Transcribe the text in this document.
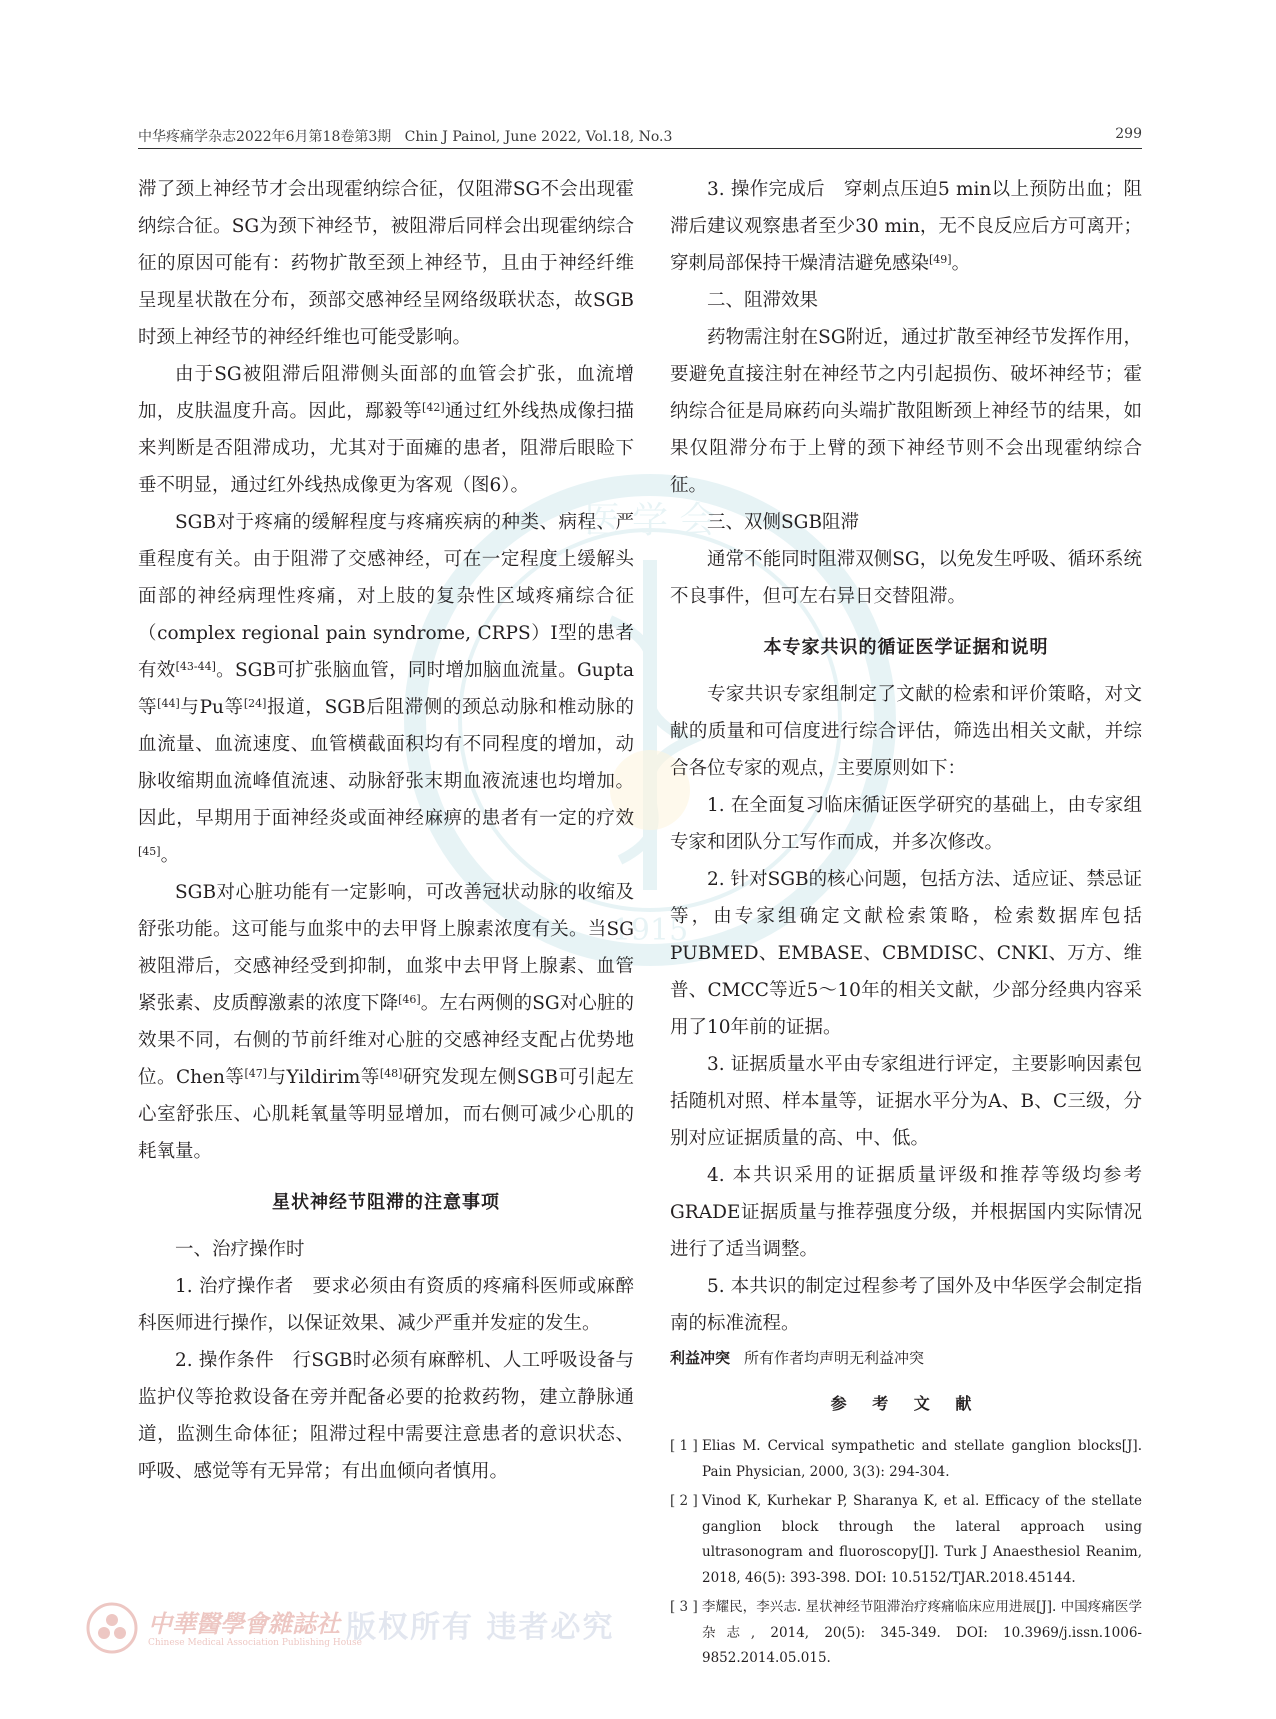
医 学 会
1915
中华疼痛学杂志2022年6月第18卷第3期 Chin J Painol, June 2022, Vol.18, No.3	299

滞了颈上神经节才会出现霍纳综合征，仅阻滞SG不会出现霍纳综合征。SG为颈下神经节，被阻滞后同样会出现霍纳综合征的原因可能有：药物扩散至颈上神经节，且由于神经纤维呈现星状散在分布，颈部交感神经呈网络级联状态，故SGB时颈上神经节的神经纤维也可能受影响。

由于SG被阻滞后阻滞侧头面部的血管会扩张，血流增加，皮肤温度升高。因此，鄢毅等[42]通过红外线热成像扫描来判断是否阻滞成功，尤其对于面瘫的患者，阻滞后眼睑下垂不明显，通过红外线热成像更为客观（图6）。

SGB对于疼痛的缓解程度与疼痛疾病的种类、病程、严重程度有关。由于阻滞了交感神经，可在一定程度上缓解头面部的神经病理性疼痛，对上肢的复杂性区域疼痛综合征（complex regional pain syndrome, CRPS）Ⅰ型的患者有效[43-44]。SGB可扩张脑血管，同时增加脑血流量。Gupta等[44]与Pu等[24]报道，SGB后阻滞侧的颈总动脉和椎动脉的血流量、血流速度、血管横截面积均有不同程度的增加，动脉收缩期血流峰值流速、动脉舒张末期血液流速也均增加。因此，早期用于面神经炎或面神经麻痹的患者有一定的疗效[45]。

SGB对心脏功能有一定影响，可改善冠状动脉的收缩及舒张功能。这可能与血浆中的去甲肾上腺素浓度有关。当SG被阻滞后，交感神经受到抑制，血浆中去甲肾上腺素、血管紧张素、皮质醇激素的浓度下降[46]。左右两侧的SG对心脏的效果不同，右侧的节前纤维对心脏的交感神经支配占优势地位。Chen等[47]与Yildirim等[48]研究发现左侧SGB可引起左心室舒张压、心肌耗氧量等明显增加，而右侧可减少心肌的耗氧量。

星状神经节阻滞的注意事项

一、治疗操作时

1. 治疗操作者　要求必须由有资质的疼痛科医师或麻醉科医师进行操作，以保证效果、减少严重并发症的发生。

2. 操作条件　行SGB时必须有麻醉机、人工呼吸设备与监护仪等抢救设备在旁并配备必要的抢救药物，建立静脉通道，监测生命体征；阻滞过程中需要注意患者的意识状态、呼吸、感觉等有无异常；有出血倾向者慎用。

3. 操作完成后　穿刺点压迫5 min以上预防出血；阻滞后建议观察患者至少30 min，无不良反应后方可离开；穿刺局部保持干燥清洁避免感染[49]。

二、阻滞效果

药物需注射在SG附近，通过扩散至神经节发挥作用，要避免直接注射在神经节之内引起损伤、破坏神经节；霍纳综合征是局麻药向头端扩散阻断颈上神经节的结果，如果仅阻滞分布于上臂的颈下神经节则不会出现霍纳综合征。

三、双侧SGB阻滞

通常不能同时阻滞双侧SG，以免发生呼吸、循环系统不良事件，但可左右异日交替阻滞。

本专家共识的循证医学证据和说明

专家共识专家组制定了文献的检索和评价策略，对文献的质量和可信度进行综合评估，筛选出相关文献，并综合各位专家的观点，主要原则如下：

1. 在全面复习临床循证医学研究的基础上，由专家组专家和团队分工写作而成，并多次修改。

2. 针对SGB的核心问题，包括方法、适应证、禁忌证等，由专家组确定文献检索策略，检索数据库包括PUBMED、EMBASE、CBMDISC、CNKI、万方、维普、CMCC等近5～10年的相关文献，少部分经典内容采用了10年前的证据。

3. 证据质量水平由专家组进行评定，主要影响因素包括随机对照、样本量等，证据水平分为A、B、C三级，分别对应证据质量的高、中、低。

4. 本共识采用的证据质量评级和推荐等级均参考GRADE证据质量与推荐强度分级，并根据国内实际情况进行了适当调整。

5. 本共识的制定过程参考了国外及中华医学会制定指南的标准流程。

利益冲突 所有作者均声明无利益冲突

参 考 文 献

[ 1 ] Elias M. Cervical sympathetic and stellate ganglion blocks[J]. Pain Physician, 2000, 3(3): 294-304.

[ 2 ] Vinod K, Kurhekar P, Sharanya K, et al. Efficacy of the stellate ganglion block through the lateral approach using ultrasonogram and fluoroscopy[J]. Turk J Anaesthesiol Reanim, 2018, 46(5): 393-398. DOI: 10.5152/TJAR.2018.45144.

[ 3 ] 李耀民，李兴志. 星状神经节阻滞治疗疼痛临床应用进展[J]. 中国疼痛医学杂志, 2014, 20(5): 345-349. DOI: 10.3969/j.issn.1006-9852.2014.05.015.

中華醫學會雜誌社
Chinese Medical Association Publishing House
版权所有 违者必究
